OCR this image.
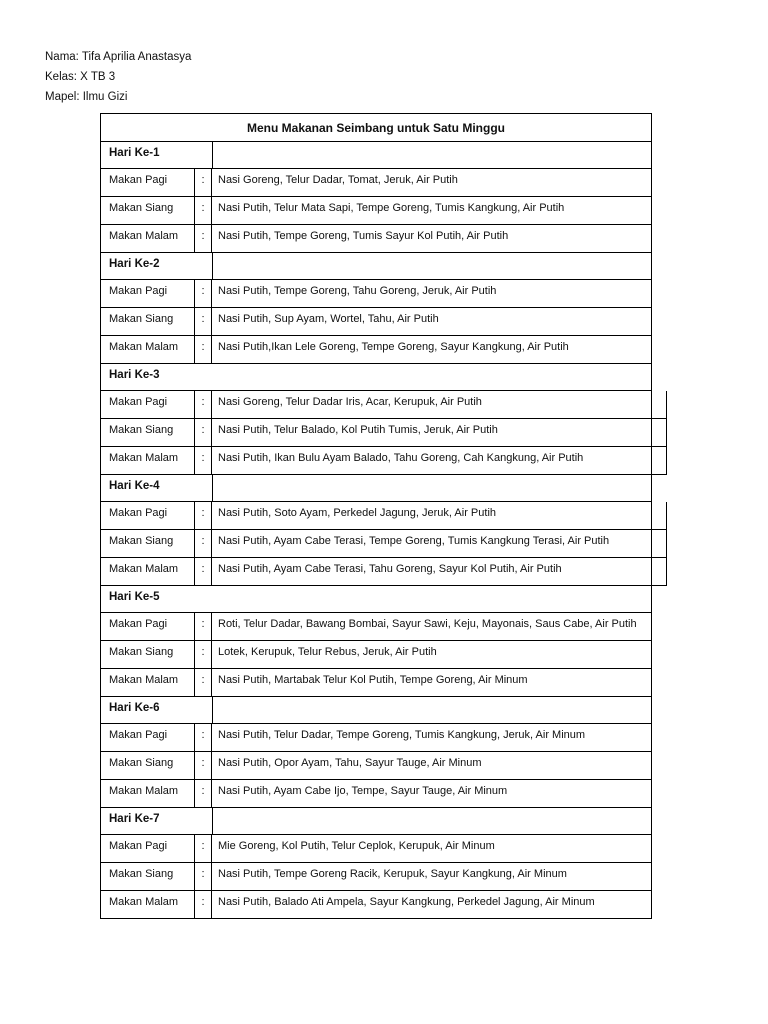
Nama: Tifa Aprilia Anastasya
Kelas: X TB 3
Mapel: Ilmu Gizi
Menu Makanan Seimbang untuk Satu Minggu
Hari Ke-1
Makan Pagi	:	Nasi Goreng, Telur Dadar, Tomat, Jeruk, Air Putih
Makan Siang	:	Nasi Putih, Telur Mata Sapi, Tempe Goreng, Tumis Kangkung, Air Putih
Makan Malam	:	Nasi Putih, Tempe Goreng, Tumis Sayur Kol Putih, Air Putih
Hari Ke-2
Makan Pagi	:	Nasi Putih, Tempe Goreng, Tahu Goreng, Jeruk, Air Putih
Makan Siang	:	Nasi Putih, Sup Ayam, Wortel, Tahu, Air Putih
Makan Malam	:	Nasi Putih,Ikan Lele Goreng, Tempe Goreng, Sayur Kangkung, Air Putih
Hari Ke-3
Makan Pagi	:	Nasi Goreng, Telur Dadar Iris, Acar, Kerupuk, Air Putih
Makan Siang	:	Nasi Putih, Telur Balado, Kol Putih Tumis, Jeruk, Air Putih
Makan Malam	:	Nasi Putih, Ikan Bulu Ayam Balado, Tahu Goreng, Cah Kangkung, Air Putih
Hari Ke-4
Makan Pagi	:	Nasi Putih, Soto Ayam, Perkedel Jagung, Jeruk, Air Putih
Makan Siang	:	Nasi Putih, Ayam Cabe Terasi, Tempe Goreng, Tumis Kangkung Terasi, Air Putih
Makan Malam	:	Nasi Putih, Ayam Cabe Terasi, Tahu Goreng, Sayur Kol Putih, Air Putih
Hari Ke-5
Makan Pagi	:	Roti, Telur Dadar, Bawang Bombai, Sayur Sawi, Keju, Mayonais, Saus Cabe, Air Putih
Makan Siang	:	Lotek, Kerupuk, Telur Rebus, Jeruk, Air Putih
Makan Malam	:	Nasi Putih, Martabak Telur Kol Putih, Tempe Goreng, Air Minum
Hari Ke-6
Makan Pagi	:	Nasi Putih, Telur Dadar, Tempe Goreng, Tumis Kangkung, Jeruk, Air Minum
Makan Siang	:	Nasi Putih, Opor Ayam, Tahu, Sayur Tauge, Air Minum
Makan Malam	:	Nasi Putih, Ayam Cabe Ijo, Tempe, Sayur Tauge, Air Minum
Hari Ke-7
Makan Pagi	:	Mie Goreng, Kol Putih, Telur Ceplok, Kerupuk, Air Minum
Makan Siang	:	Nasi Putih, Tempe Goreng Racik, Kerupuk, Sayur Kangkung, Air Minum
Makan Malam	:	Nasi Putih, Balado Ati Ampela, Sayur Kangkung, Perkedel Jagung, Air Minum
